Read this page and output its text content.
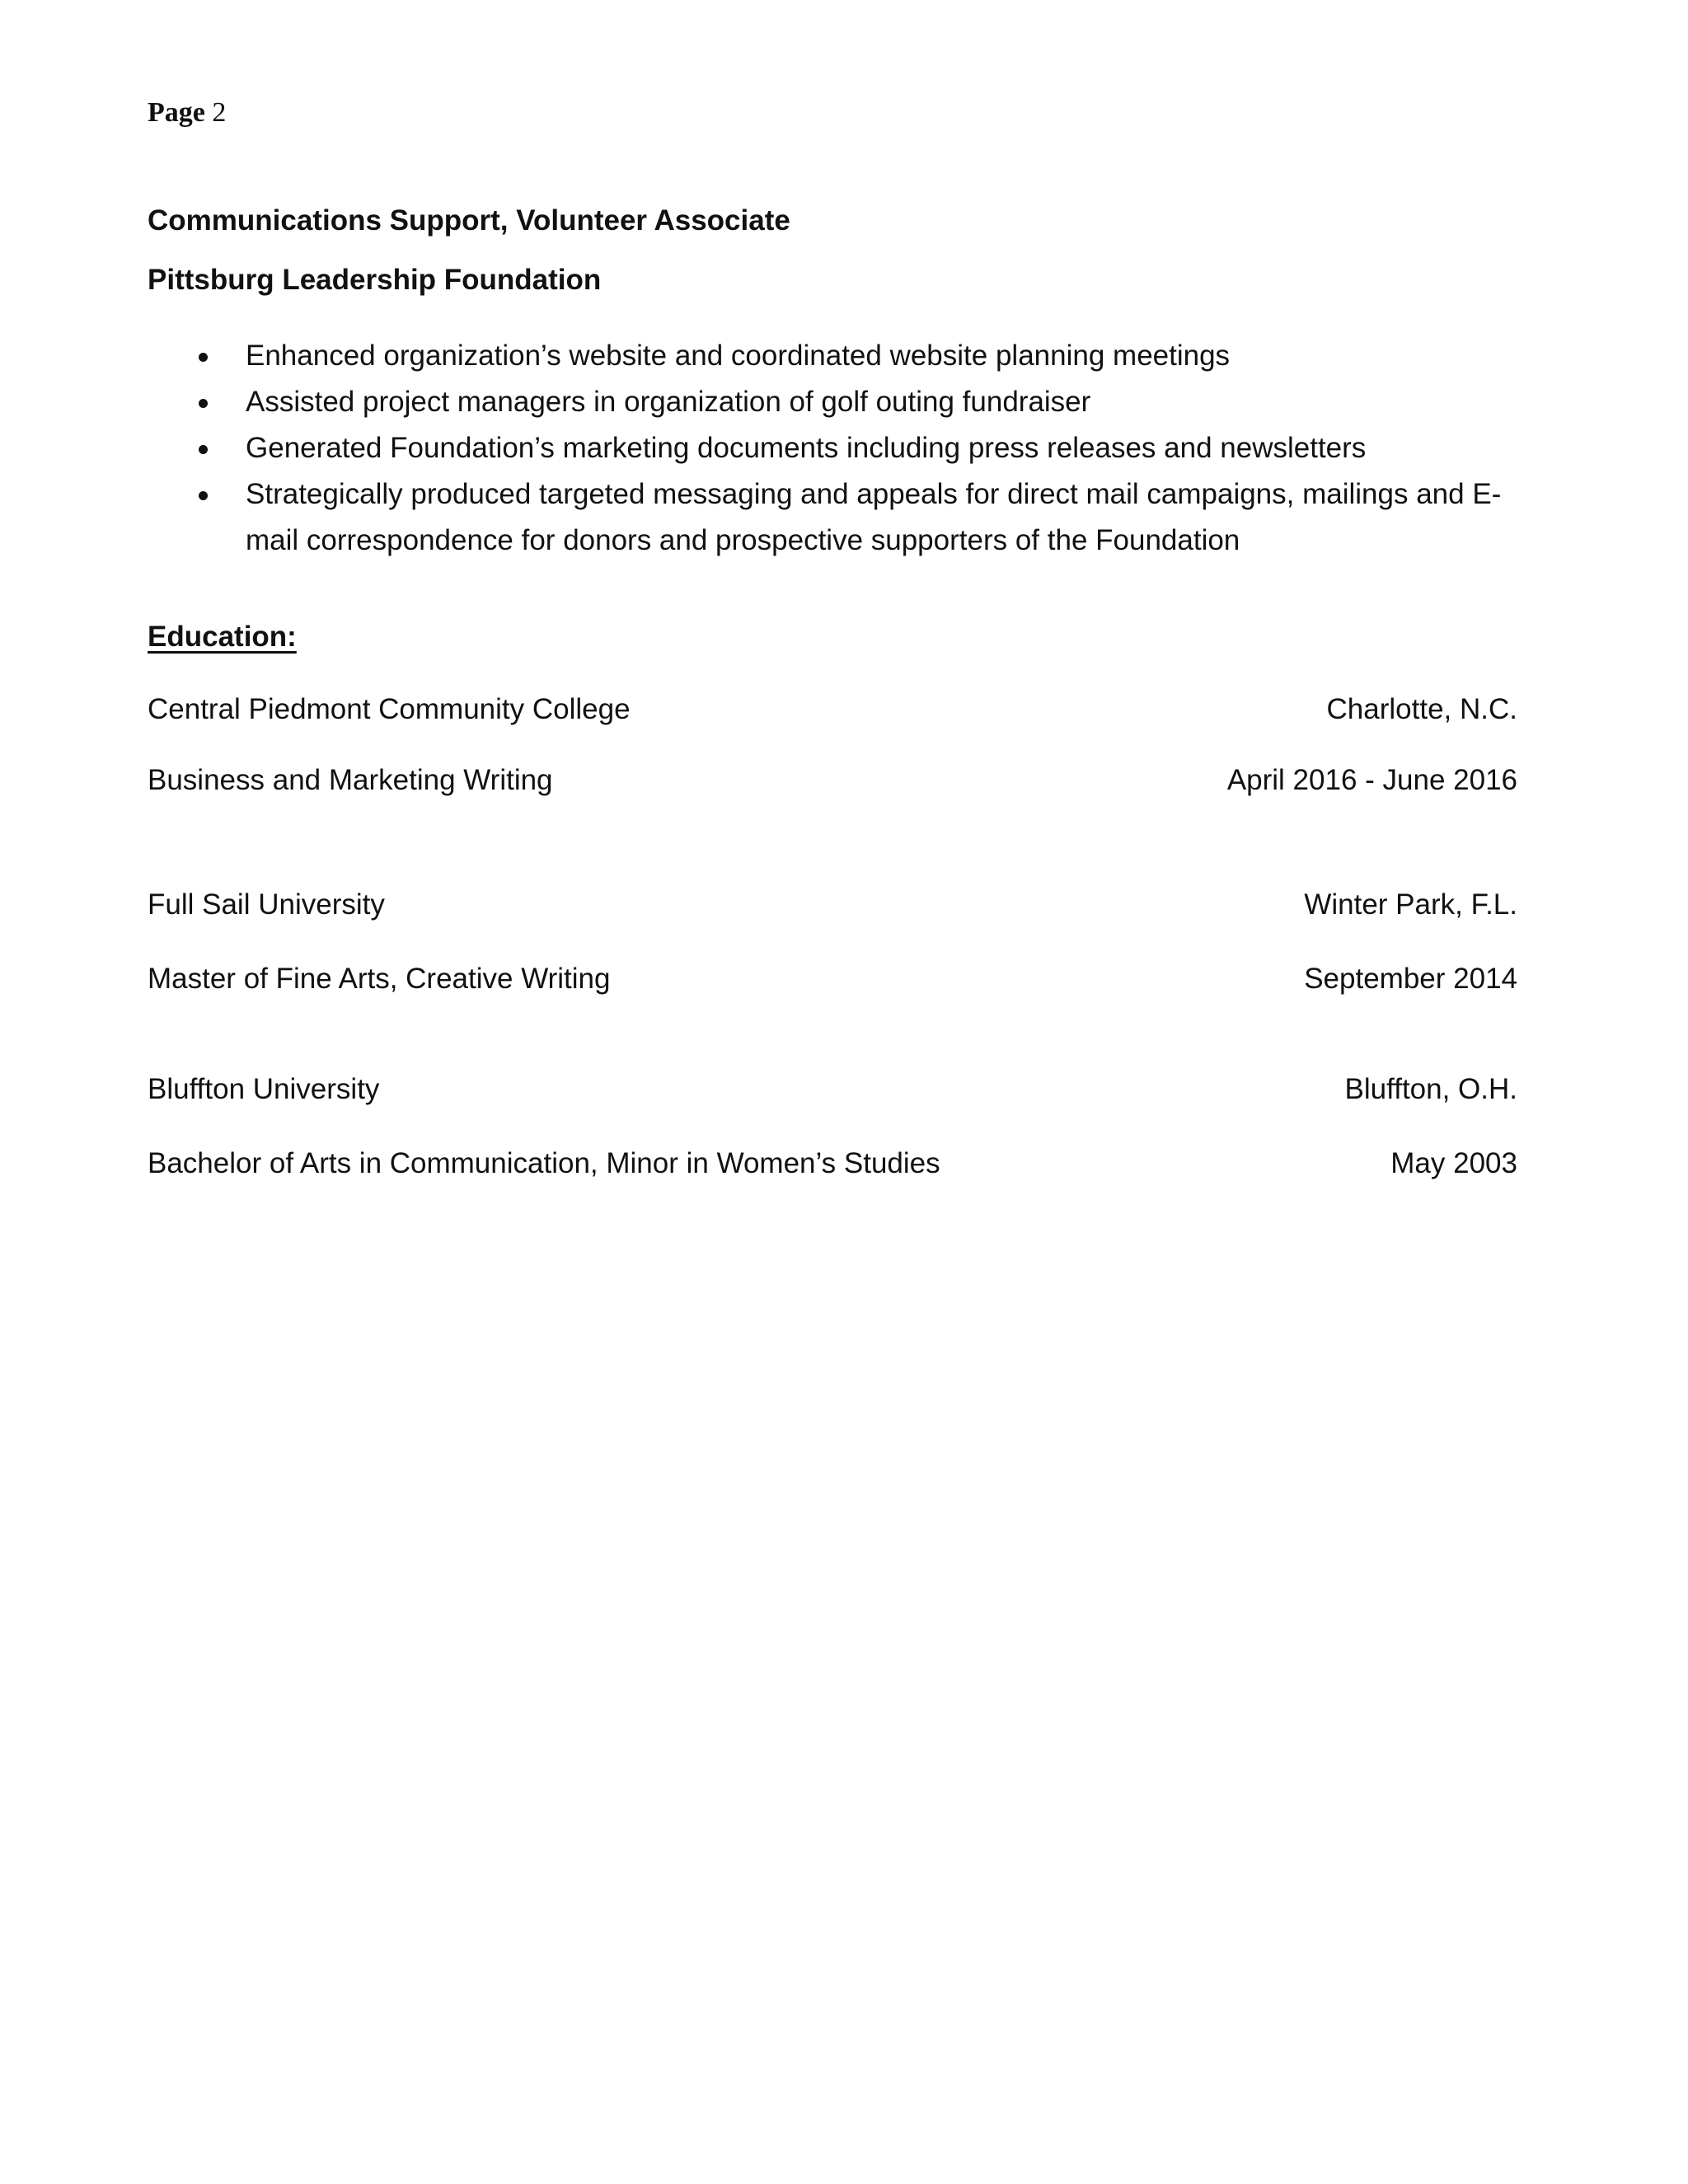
Page 2
Communications Support, Volunteer Associate
Pittsburg Leadership Foundation
Enhanced organization’s website and coordinated website planning meetings
Assisted project managers in organization of golf outing fundraiser
Generated Foundation’s marketing documents including press releases and newsletters
Strategically produced targeted messaging and appeals for direct mail campaigns, mailings and E-mail correspondence for donors and prospective supporters of the Foundation
Education:
Central Piedmont Community College	Charlotte, N.C.
Business and Marketing Writing	April 2016 - June 2016
Full Sail University	Winter Park, F.L.
Master of Fine Arts, Creative Writing	September 2014
Bluffton University	Bluffton, O.H.
Bachelor of Arts in Communication, Minor in Women’s Studies	May 2003
